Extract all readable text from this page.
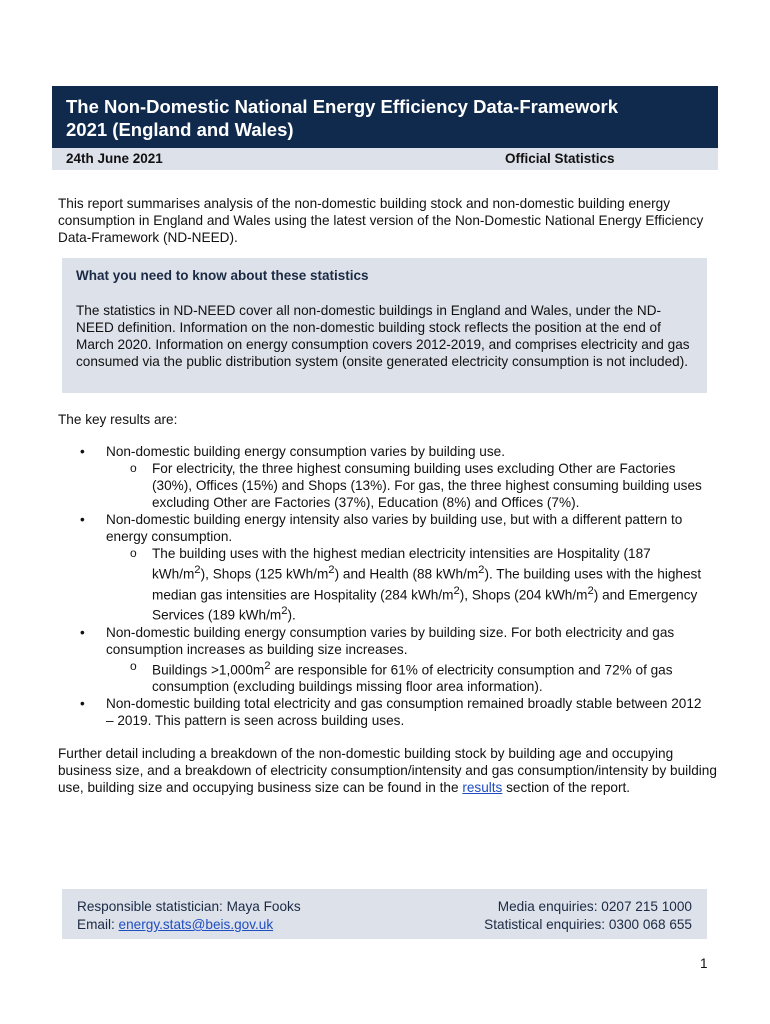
The Non-Domestic National Energy Efficiency Data-Framework
2021 (England and Wales)
24th June 2021	Official Statistics

This report summarises analysis of the non-domestic building stock and non-domestic building energy consumption in England and Wales using the latest version of the Non-Domestic National Energy Efficiency Data-Framework (ND-NEED).

What you need to know about these statistics

The statistics in ND-NEED cover all non-domestic buildings in England and Wales, under the ND-NEED definition. Information on the non-domestic building stock reflects the position at the end of March 2020. Information on energy consumption covers 2012-2019, and comprises electricity and gas consumed via the public distribution system (onsite generated electricity consumption is not included).

The key results are:

• Non-domestic building energy consumption varies by building use.
o For electricity, the three highest consuming building uses excluding Other are Factories (30%), Offices (15%) and Shops (13%). For gas, the three highest consuming building uses excluding Other are Factories (37%), Education (8%) and Offices (7%).
• Non-domestic building energy intensity also varies by building use, but with a different pattern to energy consumption.
o The building uses with the highest median electricity intensities are Hospitality (187 kWh/$m^2$), Shops (125 kWh/$m^2$) and Health (88 kWh/$m^2$). The building uses with the highest median gas intensities are Hospitality (284 kWh/$m^2$), Shops (204 kWh/$m^2$) and Emergency Services (189 kWh/$m^2$).
• Non-domestic building energy consumption varies by building size. For both electricity and gas consumption increases as building size increases.
o Buildings $>1,000m^2$ are responsible for 61% of electricity consumption and 72% of gas consumption (excluding buildings missing floor area information).
• Non-domestic building total electricity and gas consumption remained broadly stable between 2012 – 2019. This pattern is seen across building uses.

Further detail including a breakdown of the non-domestic building stock by building age and occupying business size, and a breakdown of electricity consumption/intensity and gas consumption/intensity by building use, building size and occupying business size can be found in the results section of the report.

Responsible statistician: Maya Fooks
Email: energy.stats@beis.gov.uk
Media enquiries: 0207 215 1000
Statistical enquiries: 0300 068 655
1
